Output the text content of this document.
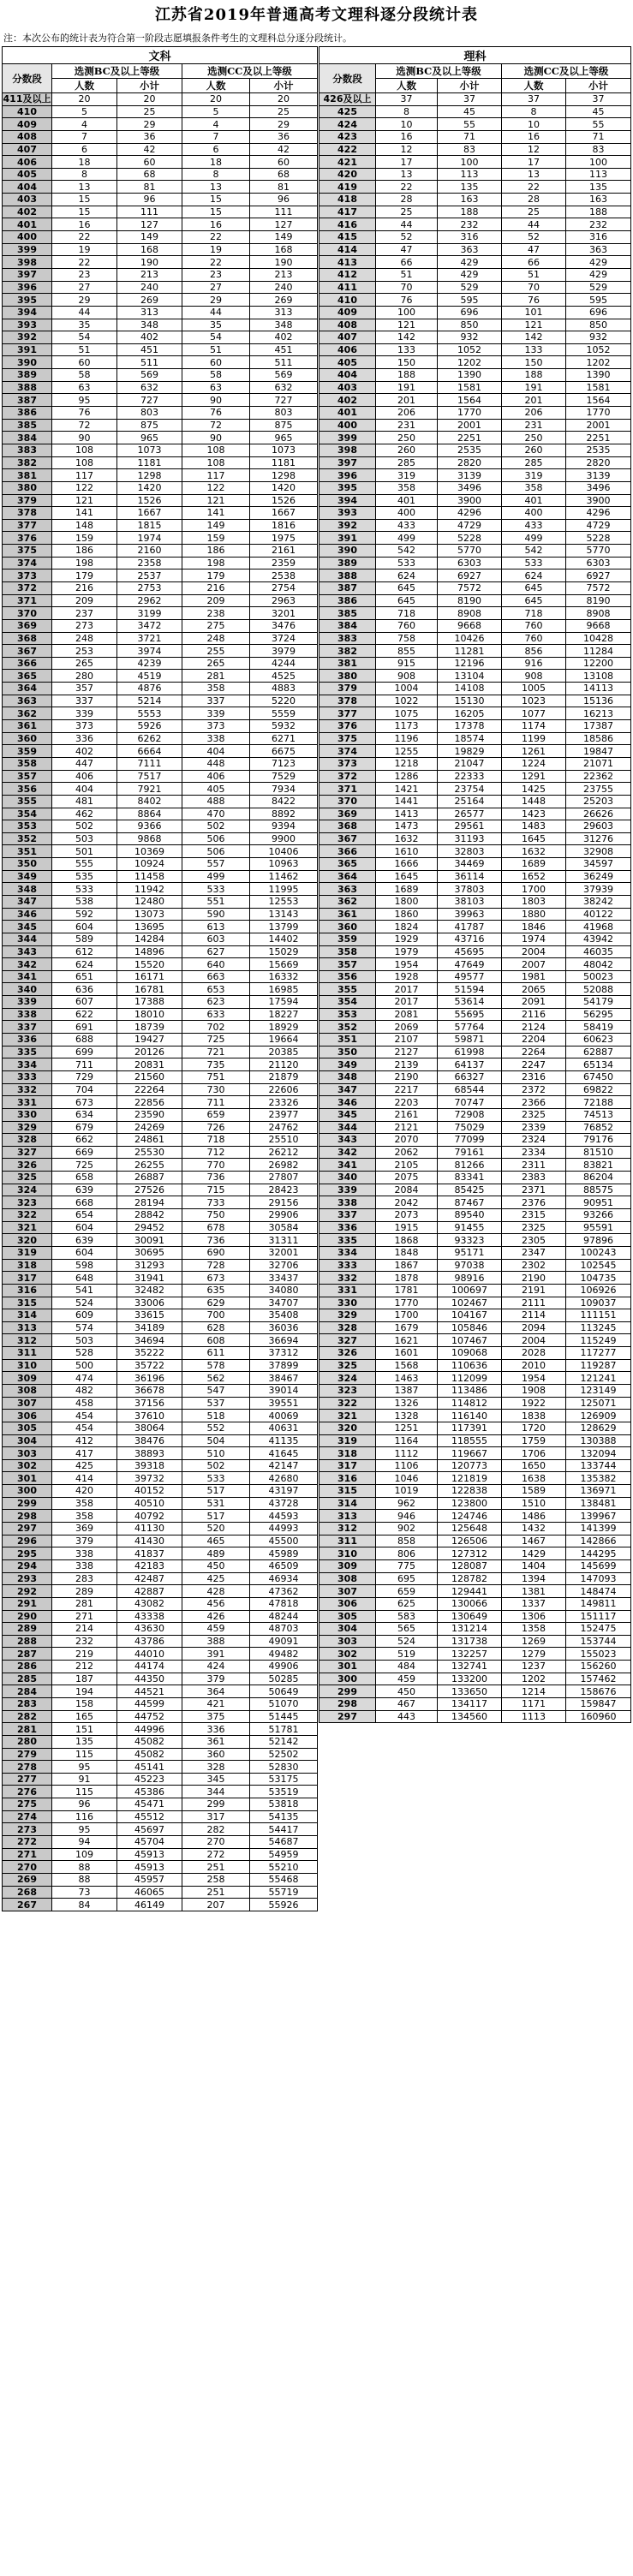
江苏省2019年普通高考文理科逐分段统计表
注：本次公布的统计表为符合第一阶段志愿填报条件考生的文理科总分逐分段统计。
文科				
分数段	选测BC及以上等级		选测CC及以上等级	
	人数	小计	人数	小计
411及以上	20	20	20	20
410	5	25	5	25
409	4	29	4	29
408	7	36	7	36
407	6	42	6	42
406	18	60	18	60
405	8	68	8	68
404	13	81	13	81
403	15	96	15	96
402	15	111	15	111
401	16	127	16	127
400	22	149	22	149
399	19	168	19	168
398	22	190	22	190
397	23	213	23	213
396	27	240	27	240
395	29	269	29	269
394	44	313	44	313
393	35	348	35	348
392	54	402	54	402
391	51	451	51	451
390	60	511	60	511
389	58	569	58	569
388	63	632	63	632
387	95	727	90	727
386	76	803	76	803
385	72	875	72	875
384	90	965	90	965
383	108	1073	108	1073
382	108	1181	108	1181
381	117	1298	117	1298
380	122	1420	122	1420
379	121	1526	121	1526
378	141	1667	141	1667
377	148	1815	149	1816
376	159	1974	159	1975
375	186	2160	186	2161
374	198	2358	198	2359
373	179	2537	179	2538
372	216	2753	216	2754
371	209	2962	209	2963
370	237	3199	238	3201
369	273	3472	275	3476
368	248	3721	248	3724
367	253	3974	255	3979
366	265	4239	265	4244
365	280	4519	281	4525
364	357	4876	358	4883
363	337	5214	337	5220
362	339	5553	339	5559
361	373	5926	373	5932
360	336	6262	338	6271
359	402	6664	404	6675
358	447	7111	448	7123
357	406	7517	406	7529
356	404	7921	405	7934
355	481	8402	488	8422
354	462	8864	470	8892
353	502	9366	502	9394
352	503	9868	506	9900
351	501	10369	506	10406
350	555	10924	557	10963
349	535	11458	499	11462
348	533	11942	533	11995
347	538	12480	551	12553
346	592	13073	590	13143
345	604	13695	613	13799
344	589	14284	603	14402
343	612	14896	627	15029
342	624	15520	640	15669
341	651	16171	663	16332
340	636	16781	653	16985
339	607	17388	623	17594
338	622	18010	633	18227
337	691	18739	702	18929
336	688	19427	725	19664
335	699	20126	721	20385
334	711	20831	735	21120
333	729	21560	751	21879
332	704	22264	730	22606
331	673	22856	711	23326
330	634	23590	659	23977
329	679	24269	726	24762
328	662	24861	718	25510
327	669	25530	712	26212
326	725	26255	770	26982
325	658	26887	736	27807
324	639	27526	715	28423
323	668	28194	733	29156
322	654	28842	750	29906
321	604	29452	678	30584
320	639	30091	736	31311
319	604	30695	690	32001
318	598	31293	728	32706
317	648	31941	673	33437
316	541	32482	635	34080
315	524	33006	629	34707
314	609	33615	700	35408
313	574	34189	628	36036
312	503	34694	608	36694
311	528	35222	611	37312
310	500	35722	578	37899
309	474	36196	562	38467
308	482	36678	547	39014
307	458	37156	537	39551
306	454	37610	518	40069
305	454	38064	552	40631
304	412	38476	504	41135
303	417	38893	510	41645
302	425	39318	502	42147
301	414	39732	533	42680
300	420	40152	517	43197
299	358	40510	531	43728
298	358	40792	517	44593
297	369	41130	520	44993
296	379	41430	465	45500
295	338	41837	489	45989
294	338	42183	450	46509
293	283	42487	425	46934
292	289	42887	428	47362
291	281	43082	456	47818
290	271	43338	426	48244
289	214	43630	459	48703
288	232	43786	388	49091
287	219	44010	391	49482
286	212	44174	424	49906
285	187	44350	379	50285
284	194	44521	364	50649
283	158	44599	421	51070
282	165	44752	375	51445
281	151	44996	336	51781
280	135	45082	361	52142
279	115	45082	360	52502
278	95	45141	328	52830
277	91	45223	345	53175
276	115	45386	344	53519
275	96	45471	299	53818
274	116	45512	317	54135
273	95	45697	282	54417
272	94	45704	270	54687
271	109	45913	272	54959
270	88	45913	251	55210
269	88	45957	258	55468
268	73	46065	251	55719
267	84	46149	207	55926
理科				
分数段	选测BC及以上等级		选测CC及以上等级	
	人数	小计	人数	小计
426及以上	37	37	37	37
425	8	45	8	45
424	10	55	10	55
423	16	71	16	71
422	12	83	12	83
421	17	100	17	100
420	13	113	13	113
419	22	135	22	135
418	28	163	28	163
417	25	188	25	188
416	44	232	44	232
415	52	316	52	316
414	47	363	47	363
413	66	429	66	429
412	51	429	51	429
411	70	529	70	529
410	76	595	76	595
409	100	696	101	696
408	121	850	121	850
407	142	932	142	932
406	133	1052	133	1052
405	150	1202	150	1202
404	188	1390	188	1390
403	191	1581	191	1581
402	201	1564	201	1564
401	206	1770	206	1770
400	231	2001	231	2001
399	250	2251	250	2251
398	260	2535	260	2535
397	285	2820	285	2820
396	319	3139	319	3139
395	358	3496	358	3496
394	401	3900	401	3900
393	400	4296	400	4296
392	433	4729	433	4729
391	499	5228	499	5228
390	542	5770	542	5770
389	533	6303	533	6303
388	624	6927	624	6927
387	645	7572	645	7572
386	645	8190	645	8190
385	718	8908	718	8908
384	760	9668	760	9668
383	758	10426	760	10428
382	855	11281	856	11284
381	915	12196	916	12200
380	908	13104	908	13108
379	1004	14108	1005	14113
378	1022	15130	1023	15136
377	1075	16205	1077	16213
376	1173	17378	1174	17387
375	1196	18574	1199	18586
374	1255	19829	1261	19847
373	1218	21047	1224	21071
372	1286	22333	1291	22362
371	1421	23754	1425	23755
370	1441	25164	1448	25203
369	1413	26577	1423	26626
368	1473	29561	1483	29603
367	1632	31193	1645	31276
366	1610	32803	1632	32908
365	1666	34469	1689	34597
364	1645	36114	1652	36249
363	1689	37803	1700	37939
362	1800	38103	1803	38242
361	1860	39963	1880	40122
360	1824	41787	1846	41968
359	1929	43716	1974	43942
358	1979	45695	2004	46035
357	1954	47649	2007	48042
356	1928	49577	1981	50023
355	2017	51594	2065	52088
354	2017	53614	2091	54179
353	2081	55695	2116	56295
352	2069	57764	2124	58419
351	2107	59871	2204	60623
350	2127	61998	2264	62887
349	2139	64137	2247	65134
348	2190	66327	2316	67450
347	2217	68544	2372	69822
346	2203	70747	2366	72188
345	2161	72908	2325	74513
344	2121	75029	2339	76852
343	2070	77099	2324	79176
342	2062	79161	2334	81510
341	2105	81266	2311	83821
340	2075	83341	2383	86204
339	2084	85425	2371	88575
338	2042	87467	2376	90951
337	2073	89540	2315	93266
336	1915	91455	2325	95591
335	1868	93323	2305	97896
334	1848	95171	2347	100243
333	1867	97038	2302	102545
332	1878	98916	2190	104735
331	1781	100697	2191	106926
330	1770	102467	2111	109037
329	1700	104167	2114	111151
328	1679	105846	2094	113245
327	1621	107467	2004	115249
326	1601	109068	2028	117277
325	1568	110636	2010	119287
324	1463	112099	1954	121241
323	1387	113486	1908	123149
322	1326	114812	1922	125071
321	1328	116140	1838	126909
320	1251	117391	1720	128629
319	1164	118555	1759	130388
318	1112	119667	1706	132094
317	1106	120773	1650	133744
316	1046	121819	1638	135382
315	1019	122838	1589	136971
314	962	123800	1510	138481
313	946	124746	1486	139967
312	902	125648	1432	141399
311	858	126506	1467	142866
310	806	127312	1429	144295
309	775	128087	1404	145699
308	695	128782	1394	147093
307	659	129441	1381	148474
306	625	130066	1337	149811
305	583	130649	1306	151117
304	565	131214	1358	152475
303	524	131738	1269	153744
302	519	132257	1279	155023
301	484	132741	1237	156260
300	459	133200	1202	157462
299	450	133650	1214	158676
298	467	134117	1171	159847
297	443	134560	1113	160960
